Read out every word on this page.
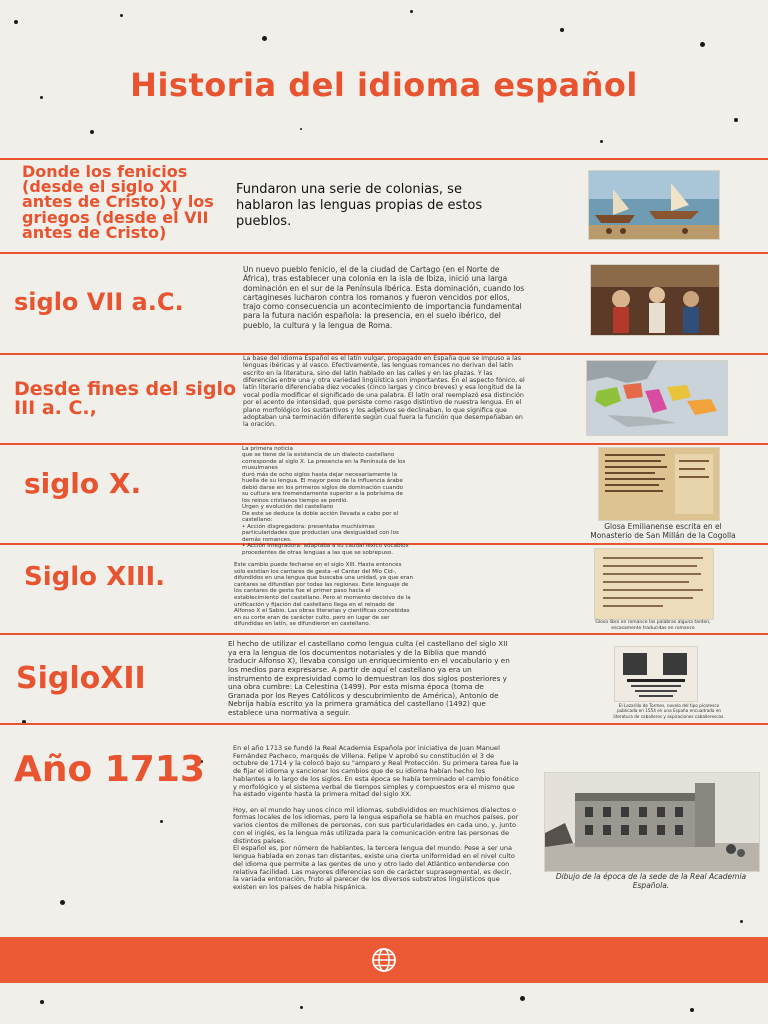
Historia del idioma español
Donde los fenicios (desde el siglo XI antes de Cristo) y los griegos (desde el VII antes de Cristo)
Fundaron una serie de colonias, se hablaron las lenguas propias de estos pueblos.
siglo VII a.C.
Un nuevo pueblo fenicio, el de la ciudad de Cartago (en el Norte de África), tras establecer una colonia en la isla de Ibiza, inició una larga dominación en el sur de la Península Ibérica. Esta dominación, cuando los cartagineses lucharon contra los romanos y fueron vencidos por ellos, trajo como consecuencia un acontecimiento de importancia fundamental para la futura nación española: la presencia, en el suelo ibérico, del pueblo, la cultura y la lengua de Roma.
Desde fines del siglo III a. C.,
La base del idioma Español es el latín vulgar, propagado en España que se impuso a las lenguas ibéricas y al vasco. Efectivamente, las lenguas romances no derivan del latín escrito en la literatura, sino del latín hablado en las calles y en las plazas. Y las diferencias entre una y otra variedad lingüística son importantes. En el aspecto fónico, el latín literario diferenciaba diez vocales (cinco largas y cinco breves) y esa longitud de la vocal podía modificar el significado de una palabra. El latín oral reemplazó esa distinción por el acento de intensidad, que persiste como rasgo distintivo de nuestra lengua. En el plano morfológico los sustantivos y los adjetivos se declinaban, lo que significa que adoptaban una terminación diferente según cual fuera la función que desempeñaban en la oración.
siglo X.
La primera noticia
que se tiene de la existencia de un dialecto castellano corresponde al siglo X. La presencia en la Península de los musulmanes
duró más de ocho siglos hasta dejar necesariamente la huella de su lengua. El mayor peso de la influencia árabe debió darse en los primeros siglos de dominación cuando su cultura era tremendamente superior a la pobrísima de los reinos cristianos tiempo se perdió.
Urgen y evolución del castellano
De este se deduce la doble acción llevada a cabo por el castellano:
• Acción disgregadora: presentaba muchísimas particularidades que producían una desigualdad con los demás romances.
• Acción integradora: adaptaba a su caudal léxico vocablos procedentes de otras lenguas a las que se sobrepuso.
Glosa Emilianense escrita en el Monasterio de San Millán de la Cogolla
Siglo XIII.	Este cambio puede fecharse en el siglo XIII. Hasta entonces sólo existían los cantares de gesta -el Cantar del Mío Cid-, difundidos en una lengua que buscaba una unidad, ya que eran cantares se difundían por todas las regiones. Este lenguaje de los cantares de gesta fue el primer paso hacia el establecimiento del castellano. Pero el momento decisivo de la unificación y fijación del castellano llega en el reinado de Alfonso X el Sabio. Las obras literarias y científicas concebidas en su corte eran de carácter culto, pero en lugar de ser difundidas en latín, se difundieron en castellano.	Glosa libro en romance las palabras alguna tarden, escasamente traducidas en romance
SigloXII
El hecho de utilizar el castellano como lengua culta (el castellano del siglo XII ya era la lengua de los documentos notariales y de la Biblia que mandó traducir Alfonso X), llevaba consigo un enriquecimiento en el vocabulario y en los medios para expresarse. A partir de aquí el castellano ya era un instrumento de expresividad como lo demuestran los dos siglos posteriores y una obra cumbre: La Celestina (1499). Por esta misma época (toma de Granada por los Reyes Católicos y descubrimiento de América), Antonio de Nebrija había escrito ya la primera gramática del castellano (1492) que establece una normativa a seguir.
El Lazarillo de Tormes, novela del tipo picaresco publicada en 1554 en una España encuadrada en literatura de caballeros y aspiraciones caballerescas.
Año 1713
En el año 1713 se fundó la Real Academia Española por iniciativa de Juan Manuel Fernández Pacheco, marqués de Villena. Felipe V aprobó su constitución el 3 de octubre de 1714 y la colocó bajo su "amparo y Real Protección. Su primera tarea fue la de fijar el idioma y sancionar los cambios que de su idioma habían hecho los hablantes a lo largo de los siglos. En esta época se había terminado el cambio fonético y morfológico y el sistema verbal de tiempos simples y compuestos era el mismo que ha estado vigente hasta la primera mitad del siglo XX.

Hoy, en el mundo hay unos cinco mil idiomas, subdivididos en muchísimos dialectos o formas locales de los idiomas, pero la lengua española se habla en muchos países, por varios cientos de millones de personas, con sus particularidades en cada uno, y, junto con el inglés, es la lengua más utilizada para la comunicación entre las personas de distintos países.
El español es, por número de hablantes, la tercera lengua del mundo. Pese a ser una lengua hablada en zonas tan distantes, existe una cierta uniformidad en el nivel culto del idioma que permite a las gentes de uno y otro lado del Atlántico entenderse con relativa facilidad. Las mayores diferencias son de carácter suprasegmental, es decir, la variada entonación, fruto al parecer de los diversos substratos lingüísticos que existen en los países de habla hispánica.
Dibujo de la época de la sede de la Real Academia Española.
